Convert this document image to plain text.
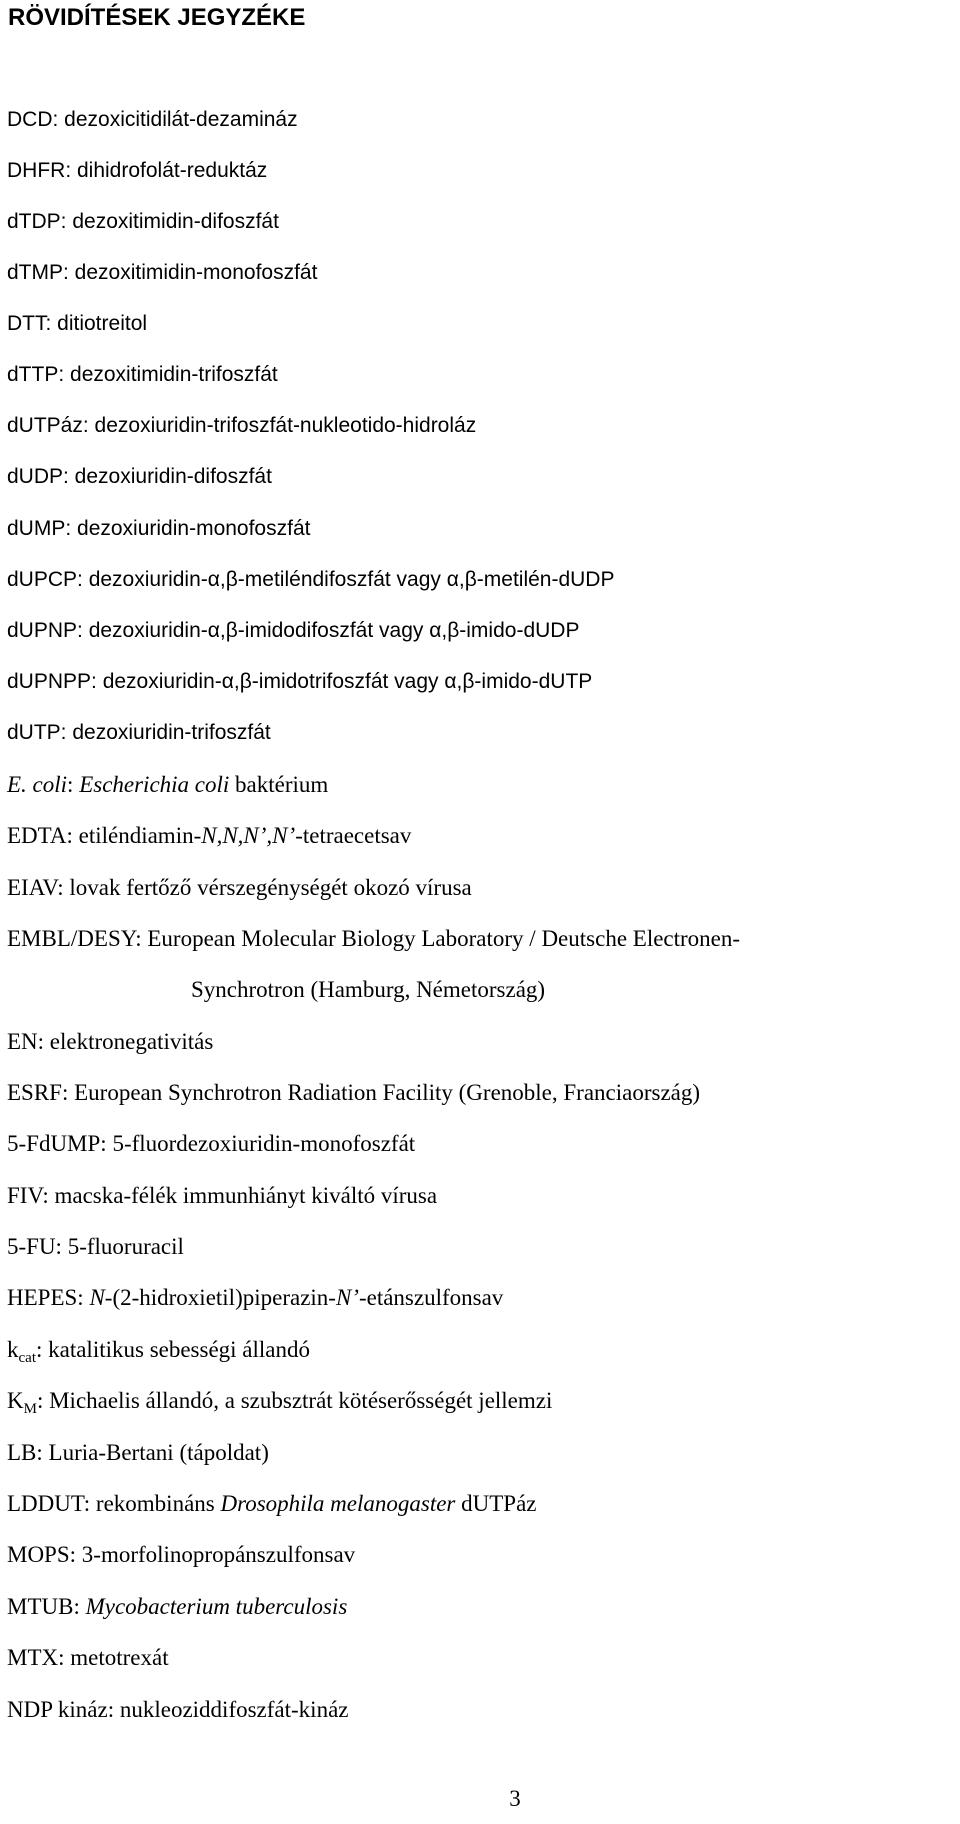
RÖVIDÍTÉSEK JEGYZÉKE
DCD: dezoxicitidilát-dezamináz
DHFR: dihidrofolát-reduktáz
dTDP: dezoxitimidin-difoszfát
dTMP: dezoxitimidin-monofoszfát
DTT: ditiotreitol
dTTP: dezoxitimidin-trifoszfát
dUTPáz: dezoxiuridin-trifoszfát-nukleotido-hidroláz
dUDP: dezoxiuridin-difoszfát
dUMP: dezoxiuridin-monofoszfát
dUPCP: dezoxiuridin-α,β-metiléndifoszfát vagy α,β-metilén-dUDP
dUPNP: dezoxiuridin-α,β-imidodifoszfát vagy α,β-imido-dUDP
dUPNPP: dezoxiuridin-α,β-imidotrifoszfát vagy α,β-imido-dUTP
dUTP: dezoxiuridin-trifoszfát
E. coli: Escherichia coli baktérium
EDTA: etiléndiamin-N,N,N’,N’-tetraecetsav
EIAV: lovak fertőző vérszegénységét okozó vírusa
EMBL/DESY: European Molecular Biology Laboratory / Deutsche Electronen-
Synchrotron (Hamburg, Németország)
EN: elektronegativitás
ESRF: European Synchrotron Radiation Facility (Grenoble, Franciaország)
5-FdUMP: 5-fluordezoxiuridin-monofoszfát
FIV: macska-félék immunhiányt kiváltó vírusa
5-FU: 5-fluoruracil
HEPES: N-(2-hidroxietil)piperazin-N’-etánszulfonsav
$k_{cat}$: katalitikus sebességi állandó
$K_M$: Michaelis állandó, a szubsztrát kötéserősségét jellemzi
LB: Luria-Bertani (tápoldat)
LDDUT: rekombináns Drosophila melanogaster dUTPáz
MOPS: 3-morfolinopropánszulfonsav
MTUB: Mycobacterium tuberculosis
MTX: metotrexát
NDP kináz: nukleoziddifoszfát-kináz
3
